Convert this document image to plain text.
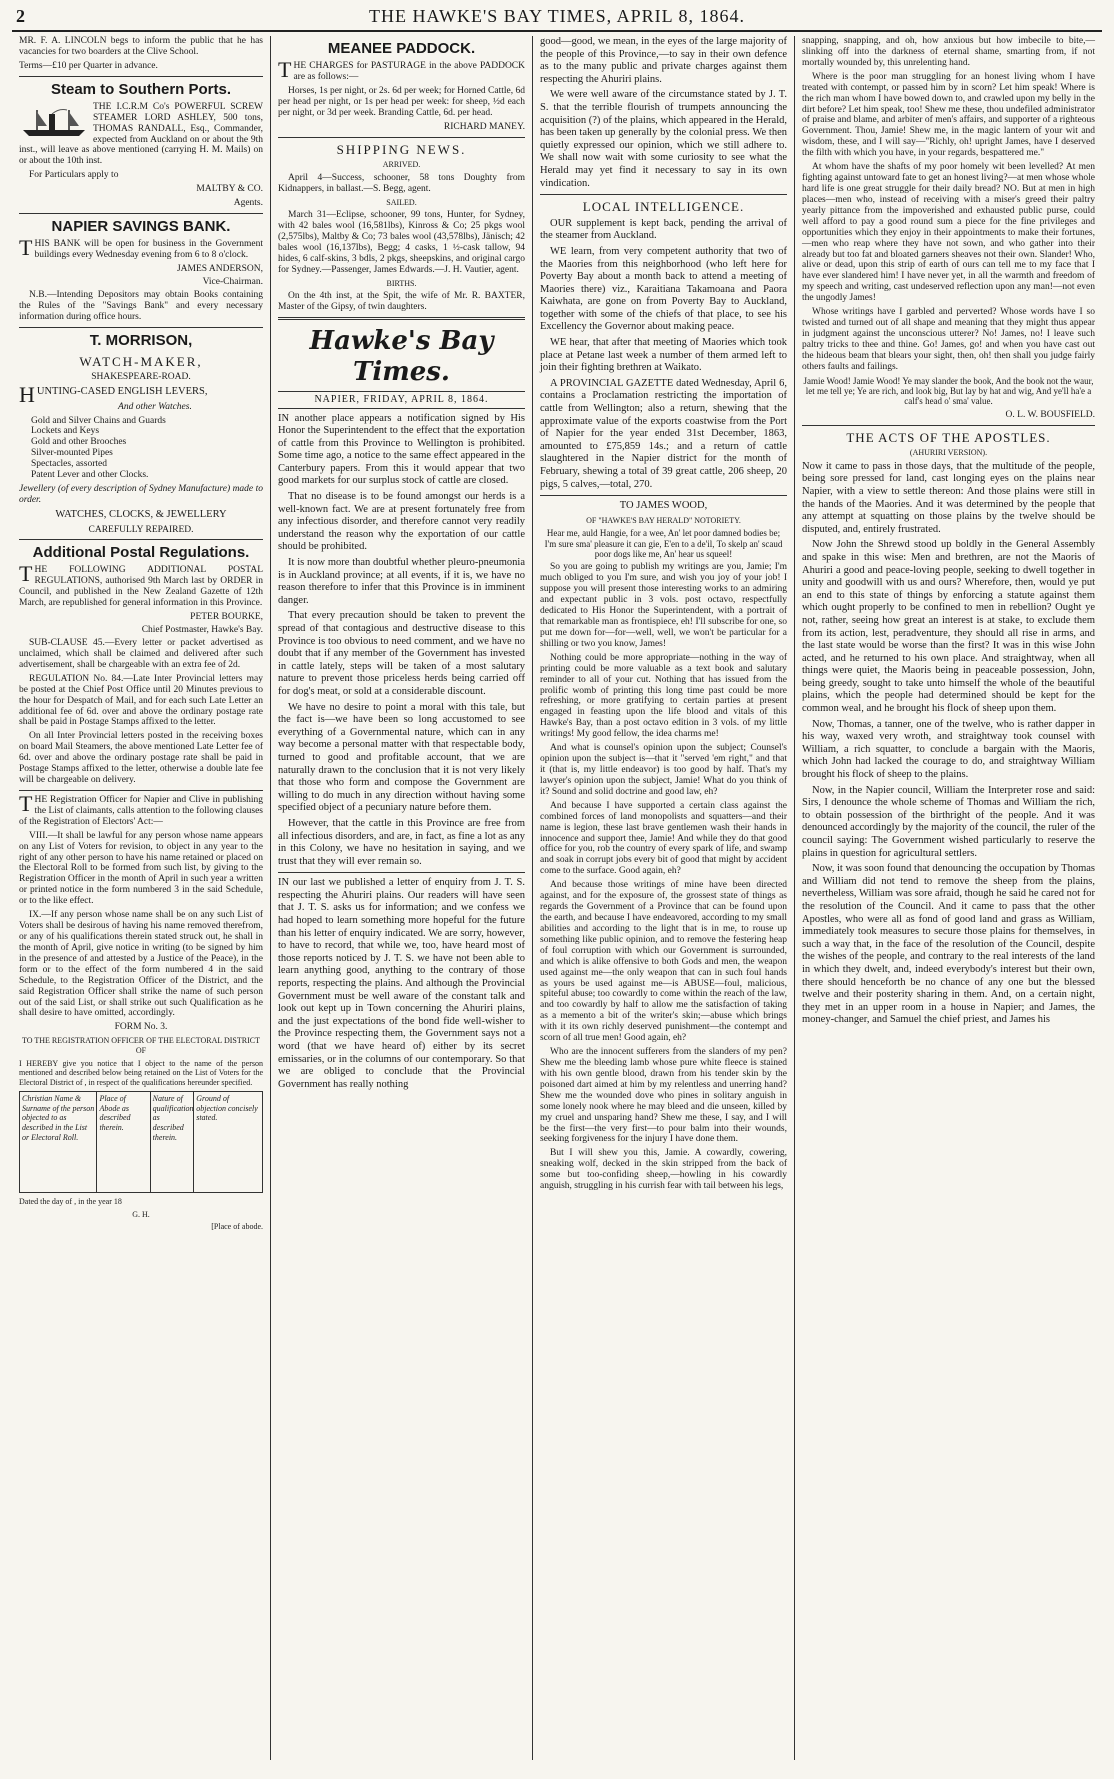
2	THE HAWKE'S BAY TIMES, APRIL 8, 1864.

MR. F. A. LINCOLN begs to inform the public that he has vacancies for two boarders at the Clive School.

Terms—£10 per Quarter in advance.

Steam to Southern Ports.

THE I.C.R.M Co's POWERFUL SCREW STEAMER LORD ASHLEY, 500 tons, THOMAS RANDALL, Esq., Commander, expected from Auckland on or about the 9th inst., will leave as above mentioned (carrying H. M. Mails) on or about the 10th inst.

For Particulars apply to

MALTBY & CO.

Agents.

NAPIER SAVINGS BANK.

THIS BANK will be open for business in the Government buildings every Wednesday evening from 6 to 8 o'clock.

JAMES ANDERSON,

Vice-Chairman.

N.B.—Intending Depositors may obtain Books containing the Rules of the "Savings Bank" and every necessary information during office hours.

T. MORRISON,
WATCH-MAKER,

SHAKESPEARE-ROAD.

HUNTING-CASED ENGLISH LEVERS,

And other Watches.

Gold and Silver Chains and Guards

Lockets and Keys

Gold and other Brooches

Silver-mounted Pipes

Spectacles, assorted

Patent Lever and other Clocks.

Jewellery (of every description of Sydney Manufacture) made to order.

WATCHES, CLOCKS, & JEWELLERY

CAREFULLY REPAIRED.

Additional Postal Regulations.

THE FOLLOWING ADDITIONAL POSTAL REGULATIONS, authorised 9th March last by ORDER in Council, and published in the New Zealand Gazette of 12th March, are republished for general information in this Province.

PETER BOURKE,

Chief Postmaster, Hawke's Bay.

SUB-CLAUSE 45.—Every letter or packet advertised as unclaimed, which shall be claimed and delivered after such advertisement, shall be chargeable with an extra fee of 2d.

REGULATION No. 84.—Late Inter Provincial letters may be posted at the Chief Post Office until 20 Minutes previous to the hour for Despatch of Mail, and for each such Late Letter an additional fee of 6d. over and above the ordinary postage rate shall be paid in Postage Stamps affixed to the letter.

On all Inter Provincial letters posted in the receiving boxes on board Mail Steamers, the above mentioned Late Letter fee of 6d. over and above the ordinary postage rate shall be paid in Postage Stamps affixed to the letter, otherwise a double late fee will be chargeable on delivery.

THE Registration Officer for Napier and Clive in publishing the List of claimants, calls attention to the following clauses of the Registration of Electors' Act:—

VIII.—It shall be lawful for any person whose name appears on any List of Voters for revision, to object in any year to the right of any other person to have his name retained or placed on the Electoral Roll to be formed from such list, by giving to the Registration Officer in the month of April in such year a written or printed notice in the form numbered 3 in the said Schedule, or to the like effect.

IX.—If any person whose name shall be on any such List of Voters shall be desirous of having his name removed therefrom, or any of his qualifications therein stated struck out, he shall in the month of April, give notice in writing (to be signed by him in the presence of and attested by a Justice of the Peace), in the form or to the effect of the form numbered 4 in the said Schedule, to the Registration Officer of the District, and the said Registration Officer shall strike the name of such person out of the said List, or shall strike out such Qualification as he shall desire to have omitted, accordingly.

FORM No. 3.

TO THE REGISTRATION OFFICER OF THE ELECTORAL DISTRICT OF

I HEREBY give you notice that I object to the name of the person mentioned and described below being retained on the List of Voters for the Electoral District of , in respect of the qualifications hereunder specified.

Christian Name & Surname of the person objected to as described in the List or Electoral Roll.
Place of Abode as described therein.
Nature of qualification as described therein.
Ground of objection concisely stated.

Dated the day of , in the year 18

G. H.

[Place of abode.

MEANEE PADDOCK.

THE CHARGES for PASTURAGE in the above PADDOCK are as follows:—

Horses, 1s per night, or 2s. 6d per week; for Horned Cattle, 6d per head per night, or 1s per head per week: for sheep, ½d each per night, or 3d per week. Branding Cattle, 6d. per head.

RICHARD MANEY.

SHIPPING NEWS.

ARRIVED.

April 4—Success, schooner, 58 tons Doughty from Kidnappers, in ballast.—S. Begg, agent.

SAILED.

March 31—Eclipse, schooner, 99 tons, Hunter, for Sydney, with 42 bales wool (16,581lbs), Kinross & Co; 25 pkgs wool (2,575lbs), Maltby & Co; 73 bales wool (43,578lbs), Jänisch; 42 bales wool (16,137lbs), Begg; 4 casks, 1 ½-cask tallow, 94 hides, 6 calf-skins, 3 bdls, 2 pkgs, sheepskins, and original cargo for Sydney.—Passenger, James Edwards.—J. H. Vautier, agent.

BIRTHS.

On the 4th inst, at the Spit, the wife of Mr. R. BAXTER, Master of the Gipsy, of twin daughters.

Hawke's Bay Times.
NAPIER, FRIDAY, APRIL 8, 1864.

IN another place appears a notification signed by His Honor the Superintendent to the effect that the exportation of cattle from this Province to Wellington is prohibited. Some time ago, a notice to the same effect appeared in the Canterbury papers. From this it would appear that two good markets for our surplus stock of cattle are closed.

That no disease is to be found amongst our herds is a well-known fact. We are at present fortunately free from any infectious disorder, and therefore cannot very readily understand the reason why the exportation of our cattle should be prohibited.

It is now more than doubtful whether pleuro-pneumonia is in Auckland province; at all events, if it is, we have no reason therefore to infer that this Province is in imminent danger.

That every precaution should be taken to prevent the spread of that contagious and destructive disease to this Province is too obvious to need comment, and we have no doubt that if any member of the Government has invested in cattle lately, steps will be taken of a most salutary nature to prevent those priceless herds being carried off for dog's meat, or sold at a considerable discount.

We have no desire to point a moral with this tale, but the fact is—we have been so long accustomed to see everything of a Governmental nature, which can in any way become a personal matter with that respectable body, turned to good and profitable account, that we are naturally drawn to the conclusion that it is not very likely that those who form and compose the Government are willing to do much in any direction without having some specified object of a pecuniary nature before them.

However, that the cattle in this Province are free from all infectious disorders, and are, in fact, as fine a lot as any in this Colony, we have no hesitation in saying, and we trust that they will ever remain so.

IN our last we published a letter of enquiry from J. T. S. respecting the Ahuriri plains. Our readers will have seen that J. T. S. asks us for information; and we confess we had hoped to learn something more hopeful for the future than his letter of enquiry indicated. We are sorry, however, to have to record, that while we, too, have heard most of those reports noticed by J. T. S. we have not been able to learn anything good, anything to the contrary of those reports, respecting the plains. And although the Provincial Government must be well aware of the constant talk and look out kept up in Town concerning the Ahuriri plains, and the just expectations of the bond fide well-wisher to the Province respecting them, the Government says not a word (that we have heard of) either by its secret emissaries, or in the columns of our contemporary. So that we are obliged to conclude that the Provincial Government has really nothing

good—good, we mean, in the eyes of the large majority of the people of this Province,—to say in their own defence as to the many public and private charges against them respecting the Ahuriri plains.

We were well aware of the circumstance stated by J. T. S. that the terrible flourish of trumpets announcing the acquisition (?) of the plains, which appeared in the Herald, has been taken up generally by the colonial press. We then quietly expressed our opinion, which we still adhere to. We shall now wait with some curiosity to see what the Herald may yet find it necessary to say in its own vindication.

LOCAL INTELLIGENCE.

OUR supplement is kept back, pending the arrival of the steamer from Auckland.

WE learn, from very competent authority that two of the Maories from this neighborhood (who left here for Poverty Bay about a month back to attend a meeting of Maories there) viz., Karaitiana Takamoana and Paora Kaiwhata, are gone on from Poverty Bay to Auckland, together with some of the chiefs of that place, to see his Excellency the Governor about making peace.

WE hear, that after that meeting of Maories which took place at Petane last week a number of them armed left to join their fighting brethren at Waikato.

A PROVINCIAL GAZETTE dated Wednesday, April 6, contains a Proclamation restricting the importation of cattle from Wellington; also a return, shewing that the approximate value of the exports coastwise from the Port of Napier for the year ended 31st December, 1863, amounted to £75,859 14s.; and a return of cattle slaughtered in the Napier district for the month of February, shewing a total of 39 great cattle, 206 sheep, 20 pigs, 5 calves,—total, 270.

TO JAMES WOOD,

OF "HAWKE'S BAY HERALD" NOTORIETY.

Hear me, auld Hangie, for a wee, An' let poor damned bodies be; I'm sure sma' pleasure it can gie, E'en to a de'il, To skelp an' scaud poor dogs like me, An' hear us squeel!

So you are going to publish my writings are you, Jamie; I'm much obliged to you I'm sure, and wish you joy of your job! I suppose you will present those interesting works to an admiring and expectant public in 3 vols. post octavo, respectfully dedicated to His Honor the Superintendent, with a portrait of that remarkable man as frontispiece, eh! I'll subscribe for one, so put me down for—for—well, well, we won't be particular for a shilling or two you know, James!

Nothing could be more appropriate—nothing in the way of printing could be more valuable as a text book and salutary reminder to all of your cut. Nothing that has issued from the prolific womb of printing this long time past could be more refreshing, or more gratifying to certain parties at present engaged in feasting upon the life blood and vitals of this Hawke's Bay, than a post octavo edition in 3 vols. of my little writings! My good fellow, the idea charms me!

And what is counsel's opinion upon the subject; Counsel's opinion upon the subject is—that it "served 'em right," and that it (that is, my little endeavor) is too good by half. That's my lawyer's opinion upon the subject, Jamie! What do you think of it? Sound and solid doctrine and good law, eh?

And because I have supported a certain class against the combined forces of land monopolists and squatters—and their name is legion, these last brave gentlemen wash their hands in innocence and support thee, Jamie! And while they do that good office for you, rob the country of every spark of life, and swamp and soak in corrupt jobs every bit of good that might by accident come to the surface. Good again, eh?

And because those writings of mine have been directed against, and for the exposure of, the grossest state of things as regards the Government of a Province that can be found upon the earth, and because I have endeavored, according to my small abilities and according to the light that is in me, to rouse up something like public opinion, and to remove the festering heap of foul corruption with which our Government is surrounded, and which is alike offensive to both Gods and men, the weapon used against me—the only weapon that can in such foul hands as yours be used against me—is ABUSE—foul, malicious, spiteful abuse; too cowardly to come within the reach of the law, and too cowardly by half to allow me the satisfaction of taking as a memento a bit of the writer's skin;—abuse which brings with it its own richly deserved punishment—the contempt and scorn of all true men! Good again, eh?

Who are the innocent sufferers from the slanders of my pen? Shew me the bleeding lamb whose pure white fleece is stained with his own gentle blood, drawn from his tender skin by the poisoned dart aimed at him by my relentless and unerring hand? Shew me the wounded dove who pines in solitary anguish in some lonely nook where he may bleed and die unseen, killed by my cruel and unsparing hand? Shew me these, I say, and I will be the first—the very first—to pour balm into their wounds, seeking forgiveness for the injury I have done them.

But I will shew you this, Jamie. A cowardly, cowering, sneaking wolf, decked in the skin stripped from the back of some but too-confiding sheep,—howling in his cowardly anguish, struggling in his currish fear with tail between his legs,

snapping, snapping, and oh, how anxious but how imbecile to bite,—slinking off into the darkness of eternal shame, smarting from, if not mortally wounded by, this unrelenting hand.

Where is the poor man struggling for an honest living whom I have treated with contempt, or passed him by in scorn? Let him speak! Where is the rich man whom I have bowed down to, and crawled upon my belly in the dirt before? Let him speak, too! Shew me these, thou undefiled administrator of praise and blame, and arbiter of men's affairs, and supporter of a righteous Government. Thou, Jamie! Shew me, in the magic lantern of your wit and wisdom, these, and I will say—"Richly, oh! upright James, have I deserved the filth with which you have, in your regards, bespattered me."

At whom have the shafts of my poor homely wit been levelled? At men fighting against untoward fate to get an honest living?—at men whose whole hard life is one great struggle for their daily bread? NO. But at men in high places—men who, instead of receiving with a miser's greed their paltry yearly pittance from the impoverished and exhausted public purse, could well afford to pay a good round sum a piece for the fine privileges and opportunities which they enjoy in their appointments to make their fortunes,—men who reap where they have not sown, and who gather into their already but too fat and bloated garners sheaves not their own. Slander! Who, alive or dead, upon this strip of earth of ours can tell me to my face that I have ever slandered him! I have never yet, in all the warmth and freedom of my speech and writing, cast undeserved reflection upon any man!—not even the ungodly James!

Whose writings have I garbled and perverted? Whose words have I so twisted and turned out of all shape and meaning that they might thus appear in judgment against the unconscious utterer? No! James, no! I leave such paltry tricks to thee and thine. Go! James, go! and when you have cast out the hideous beam that blears your sight, then, oh! then shall you judge fairly others faults and failings.

Jamie Wood! Jamie Wood! Ye may slander the book, And the book not the waur, let me tell ye; Ye are rich, and look big, But lay by hat and wig, And ye'll ha'e a calf's head o' sma' value.

O. L. W. BOUSFIELD.

THE ACTS OF THE APOSTLES.

(AHURIRI VERSION).

Now it came to pass in those days, that the multitude of the people, being sore pressed for land, cast longing eyes on the plains near Napier, with a view to settle thereon: And those plains were still in the hands of the Maories. And it was determined by the people that any attempt at squatting on those plains by the twelve should be disputed, and, entirely frustrated.

Now John the Shrewd stood up boldly in the General Assembly and spake in this wise: Men and brethren, are not the Maoris of Ahuriri a good and peace-loving people, seeking to dwell together in unity and goodwill with us and ours? Wherefore, then, would ye put an end to this state of things by enforcing a statute against them which ought properly to be confined to men in rebellion? Ought ye not, rather, seeing how great an interest is at stake, to exclude them from its action, lest, peradventure, they should all rise in arms, and the last state would be worse than the first? It was in this wise John acted, and he returned to his own place. And straightway, when all things were quiet, the Maoris being in peaceable possession, John, being greedy, sought to take unto himself the whole of the beautiful plains, which the people had determined should be kept for the common weal, and he brought his flock of sheep upon them.

Now, Thomas, a tanner, one of the twelve, who is rather dapper in his way, waxed very wroth, and straightway took counsel with William, a rich squatter, to conclude a bargain with the Maoris, which John had lacked the courage to do, and straightway William brought his flock of sheep to the plains.

Now, in the Napier council, William the Interpreter rose and said: Sirs, I denounce the whole scheme of Thomas and William the rich, to obtain possession of the birthright of the people. And it was denounced accordingly by the majority of the council, the ruler of the council saying: The Government wished particularly to reserve the plains in question for agricultural settlers.

Now, it was soon found that denouncing the occupation by Thomas and William did not tend to remove the sheep from the plains, nevertheless, William was sore afraid, though he said he cared not for the resolution of the Council. And it came to pass that the other Apostles, who were all as fond of good land and grass as William, immediately took measures to secure those plains for themselves, in such a way that, in the face of the resolution of the Council, despite the wishes of the people, and contrary to the real interests of the land in which they dwelt, and, indeed everybody's interest but their own, there should henceforth be no chance of any one but the blessed twelve and their posterity sharing in them. And, on a certain night, they met in an upper room in a house in Napier; and James, the money-changer, and Samuel the chief priest, and James his
